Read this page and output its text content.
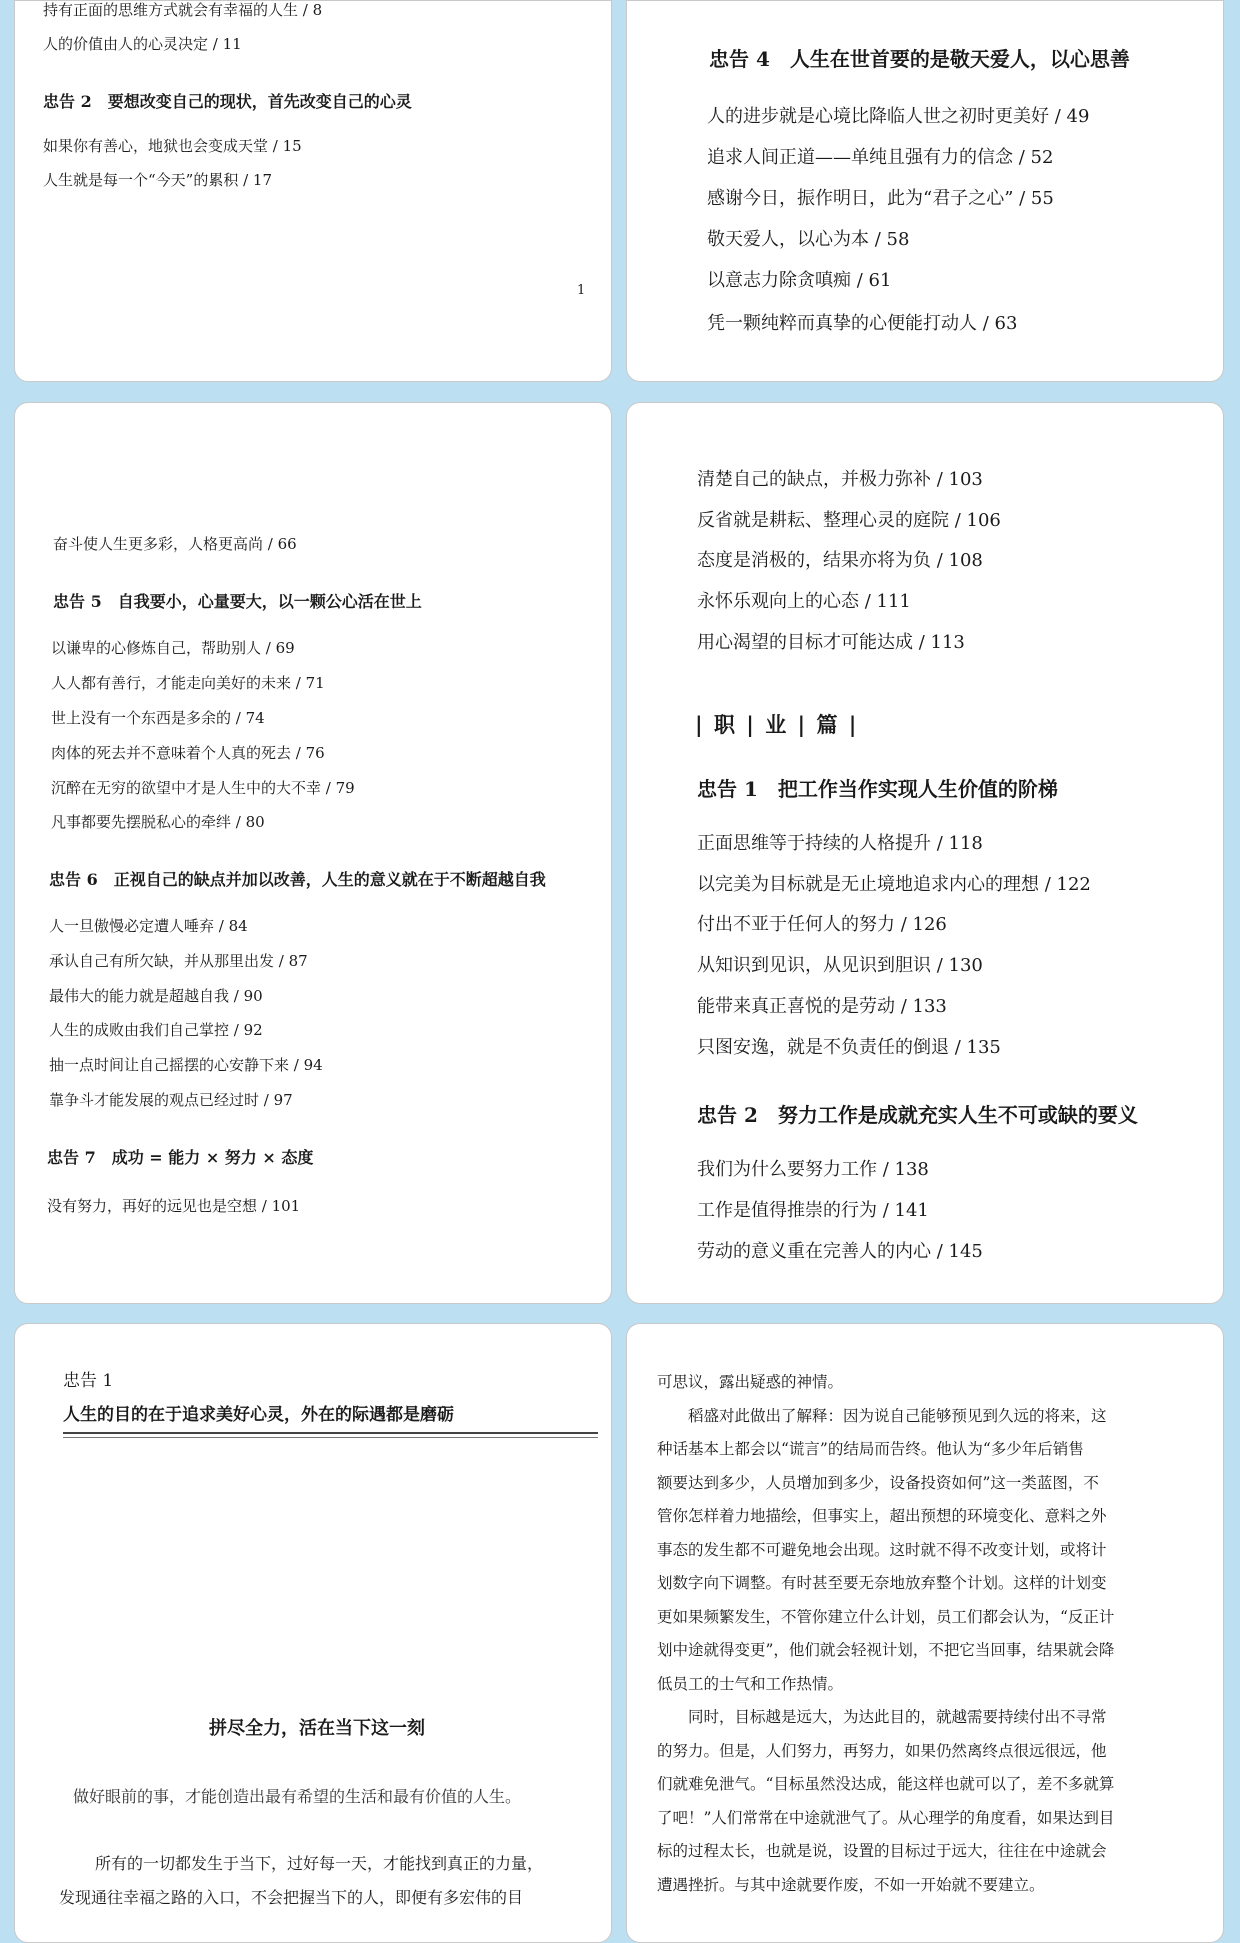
持有正面的思维方式就会有幸福的人生 / 8
人的价值由人的心灵决定 / 11
忠告 2　要想改变自己的现状，首先改变自己的心灵
如果你有善心，地狱也会变成天堂 / 15
人生就是每一个“今天”的累积 / 17
1
忠告 4　人生在世首要的是敬天爱人，以心思善
人的进步就是心境比降临人世之初时更美好 / 49
追求人间正道——单纯且强有力的信念 / 52
感谢今日，振作明日，此为“君子之心” / 55
敬天爱人，以心为本 / 58
以意志力除贪嗔痴 / 61
凭一颗纯粹而真挚的心便能打动人 / 63
奋斗使人生更多彩，人格更高尚 / 66
忠告 5　自我要小，心量要大，以一颗公心活在世上
以谦卑的心修炼自己，帮助别人 / 69
人人都有善行，才能走向美好的未来 / 71
世上没有一个东西是多余的 / 74
肉体的死去并不意味着个人真的死去 / 76
沉醉在无穷的欲望中才是人生中的大不幸 / 79
凡事都要先摆脱私心的牵绊 / 80
忠告 6　正视自己的缺点并加以改善，人生的意义就在于不断超越自我
人一旦傲慢必定遭人唾弃 / 84
承认自己有所欠缺，并从那里出发 / 87
最伟大的能力就是超越自我 / 90
人生的成败由我们自己掌控 / 92
抽一点时间让自己摇摆的心安静下来 / 94
靠争斗才能发展的观点已经过时 / 97
忠告 7　成功 = 能力 × 努力 × 态度
没有努力，再好的远见也是空想 / 101
清楚自己的缺点，并极力弥补 / 103
反省就是耕耘、整理心灵的庭院 / 106
态度是消极的，结果亦将为负 / 108
永怀乐观向上的心态 / 111
用心渴望的目标才可能达成 / 113
| 职 | 业 | 篇 |
忠告 1　把工作当作实现人生价值的阶梯
正面思维等于持续的人格提升 / 118
以完美为目标就是无止境地追求内心的理想 / 122
付出不亚于任何人的努力 / 126
从知识到见识，从见识到胆识 / 130
能带来真正喜悦的是劳动 / 133
只图安逸，就是不负责任的倒退 / 135
忠告 2　努力工作是成就充实人生不可或缺的要义
我们为什么要努力工作 / 138
工作是值得推崇的行为 / 141
劳动的意义重在完善人的内心 / 145
忠告 1
人生的目的在于追求美好心灵，外在的际遇都是磨砺
拼尽全力，活在当下这一刻
做好眼前的事，才能创造出最有希望的生活和最有价值的人生。
所有的一切都发生于当下，过好每一天，才能找到真正的力量，
发现通往幸福之路的入口，不会把握当下的人，即便有多宏伟的目
可思议，露出疑惑的神情。
　　稻盛对此做出了解释：因为说自己能够预见到久远的将来，这
种话基本上都会以“谎言”的结局而告终。他认为“多少年后销售
额要达到多少，人员增加到多少，设备投资如何”这一类蓝图，不
管你怎样着力地描绘，但事实上，超出预想的环境变化、意料之外
事态的发生都不可避免地会出现。这时就不得不改变计划，或将计
划数字向下调整。有时甚至要无奈地放弃整个计划。这样的计划变
更如果频繁发生，不管你建立什么计划，员工们都会认为，“反正计
划中途就得变更”，他们就会轻视计划，不把它当回事，结果就会降
低员工的士气和工作热情。
　　同时，目标越是远大，为达此目的，就越需要持续付出不寻常
的努力。但是，人们努力，再努力，如果仍然离终点很远很远，他
们就难免泄气。“目标虽然没达成，能这样也就可以了，差不多就算
了吧！”人们常常在中途就泄气了。从心理学的角度看，如果达到目
标的过程太长，也就是说，设置的目标过于远大，往往在中途就会
遭遇挫折。与其中途就要作废，不如一开始就不要建立。
